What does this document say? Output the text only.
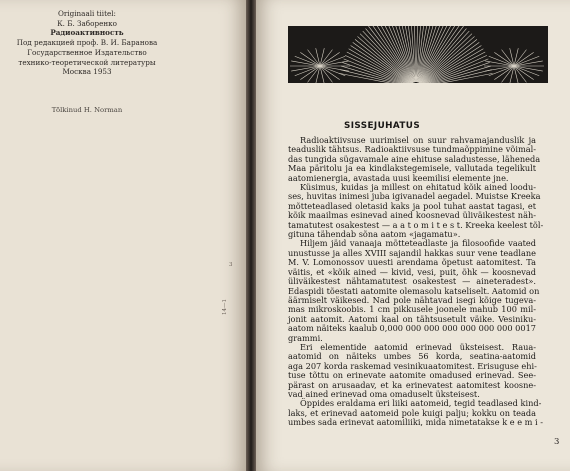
Originaali tiitel:
К. Б. Заборенко
Радиоактивность
Под редакцией проф. В. И. Баранова
Государственное Издательство
технико-теоретической литературы
Москва 1953
Tõlkinud H. Norman
3
14—1
SISSEJUHATUS
Radioaktiivsuse uurimisel on suur rahvamajanduslik ja
teaduslik tähtsus. Radioaktiivsuse tundmaõppimine võimal-
das tungida sügavamale aine ehituse saladustesse, läheneda
Maa päritolu ja ea kindlakstegemisele, vallutada tegelikult
aatomienergia, avastada uusi keemilisi elemente jne.
Küsimus, kuidas ja millest on ehitatud kõik ained loodu-
ses, huvitas inimesi juba igivanadel aegadel. Muistse Kreeka
mõtteteadlased oletasid kaks ja pool tuhat aastat tagasi, et
kõik maailmas esinevad ained koosnevad üliväikestest näh-
tamatutest osakestest — a a t o m i t e s t. Kreeka keelest tõl-
gituna tähendab sõna aatom «jagamatu».
Hiljem jäid vanaaja mõtteteadlaste ja filosoofide vaated
unustusse ja alles XVIII sajandil hakkas suur vene teadlane
M. V. Lomonossov uuesti arendama õpetust aatomitest. Ta
väitis, et «kõik ained — kivid, vesi, puit, õhk — koosnevad
üliväikestest nähtamatutest osakestest — aineteradest».
Edaspidi tõestati aatomite olemasolu katseliselt. Aatomid on
äärmiselt väikesed. Nad pole nähtavad isegi kõige tugeva-
mas mikroskoobis. 1 cm pikkusele joonele mahub 100 mil-
jonit aatomit. Aatomi kaal on tähtsusetult väike. Vesiniku-
aatom näiteks kaalub 0,000 000 000 000 000 000 000 0017
grammi.
Eri elementide aatomid erinevad üksteisest. Raua-
aatomid on näiteks umbes 56 korda, seatina-aatomid
aga 207 korda raskemad vesinikuaatomitest. Erisuguse ehi-
tuse tõttu on erinevate aatomite omadused erinevad. See-
pärast on arusaadav, et ka erinevatest aatomitest koosne-
vad ained erinevad oma omaduselt üksteisest.
Öppides eraldama eri liiki aatomeid, tegid teadlased kind-
laks, et erinevad aatomeid pole kuigi palju; kokku on teada
umbes sada erinevat aatomiliiki, mida nimetatakse k e e m i -
3
